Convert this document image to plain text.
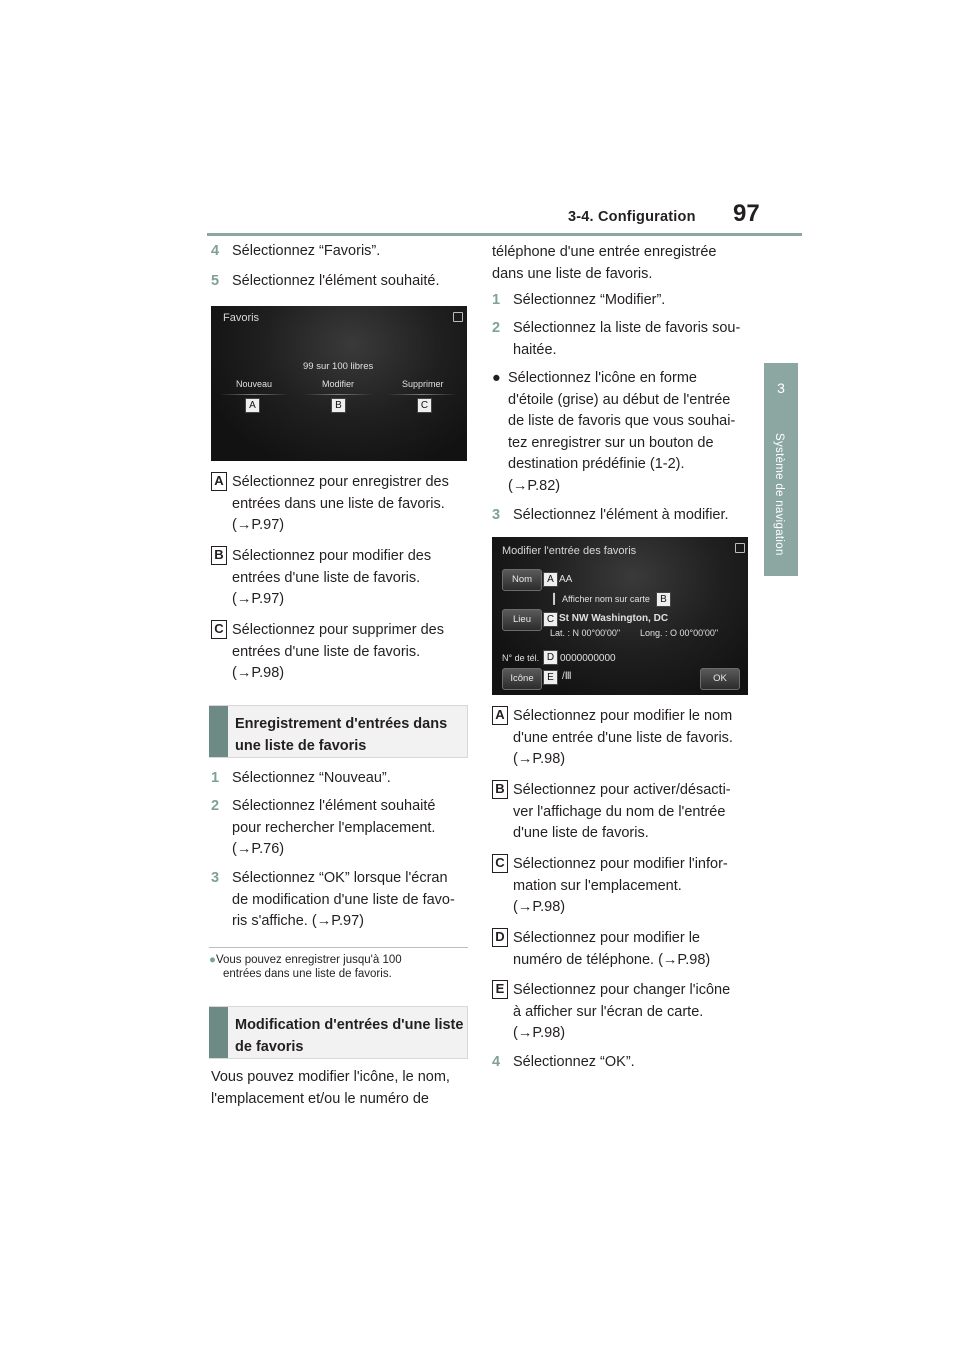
3-4. Configuration 97
3
Système de navigation
4 Sélectionnez “Favoris”.
5 Sélectionnez l'élément souhaité.
Favoris
99 sur 100 libres
Nouveau	Modifier	Supprimer
A	B	C
A Sélectionnez pour enregistrer des
entrées dans une liste de favoris.
(→P.97)
B Sélectionnez pour modifier des
entrées d'une liste de favoris.
(→P.97)
C Sélectionnez pour supprimer des
entrées d'une liste de favoris.
(→P.98)
Enregistrement d'entrées dans
une liste de favoris
1 Sélectionnez “Nouveau”.
2 Sélectionnez l'élément souhaité
pour rechercher l'emplacement.
(→P.76)
3 Sélectionnez “OK” lorsque l'écran
de modification d'une liste de favo-
ris s'affiche. (→P.97)
●Vous pouvez enregistrer jusqu'à 100
entrées dans une liste de favoris.
Modification d'entrées d'une liste
de favoris
Vous pouvez modifier l'icône, le nom,
l'emplacement et/ou le numéro de
téléphone d'une entrée enregistrée
dans une liste de favoris.
1 Sélectionnez “Modifier”.
2 Sélectionnez la liste de favoris sou-
haitée.
● Sélectionnez l'icône en forme
d'étoile (grise) au début de l'entrée
de liste de favoris que vous souhai-
tez enregistrer sur un bouton de
destination prédéfinie (1-2).
(→P.82)
3 Sélectionnez l'élément à modifier.
Modifier l'entrée des favoris
Nom	A AA
❙ Afficher nom sur carte	B
Lieu	C St NW Washington, DC
Lat. : N 00°00'00" Long. : O 00°00'00"
N° de tél. D 0000000000
Icône	E /Ⅲ	OK
A Sélectionnez pour modifier le nom
d'une entrée d'une liste de favoris.
(→P.98)
B Sélectionnez pour activer/désacti-
ver l'affichage du nom de l'entrée
d'une liste de favoris.
C Sélectionnez pour modifier l'infor-
mation sur l'emplacement.
(→P.98)
D Sélectionnez pour modifier le
numéro de téléphone. (→P.98)
E Sélectionnez pour changer l'icône
à afficher sur l'écran de carte.
(→P.98)
4 Sélectionnez “OK”.
